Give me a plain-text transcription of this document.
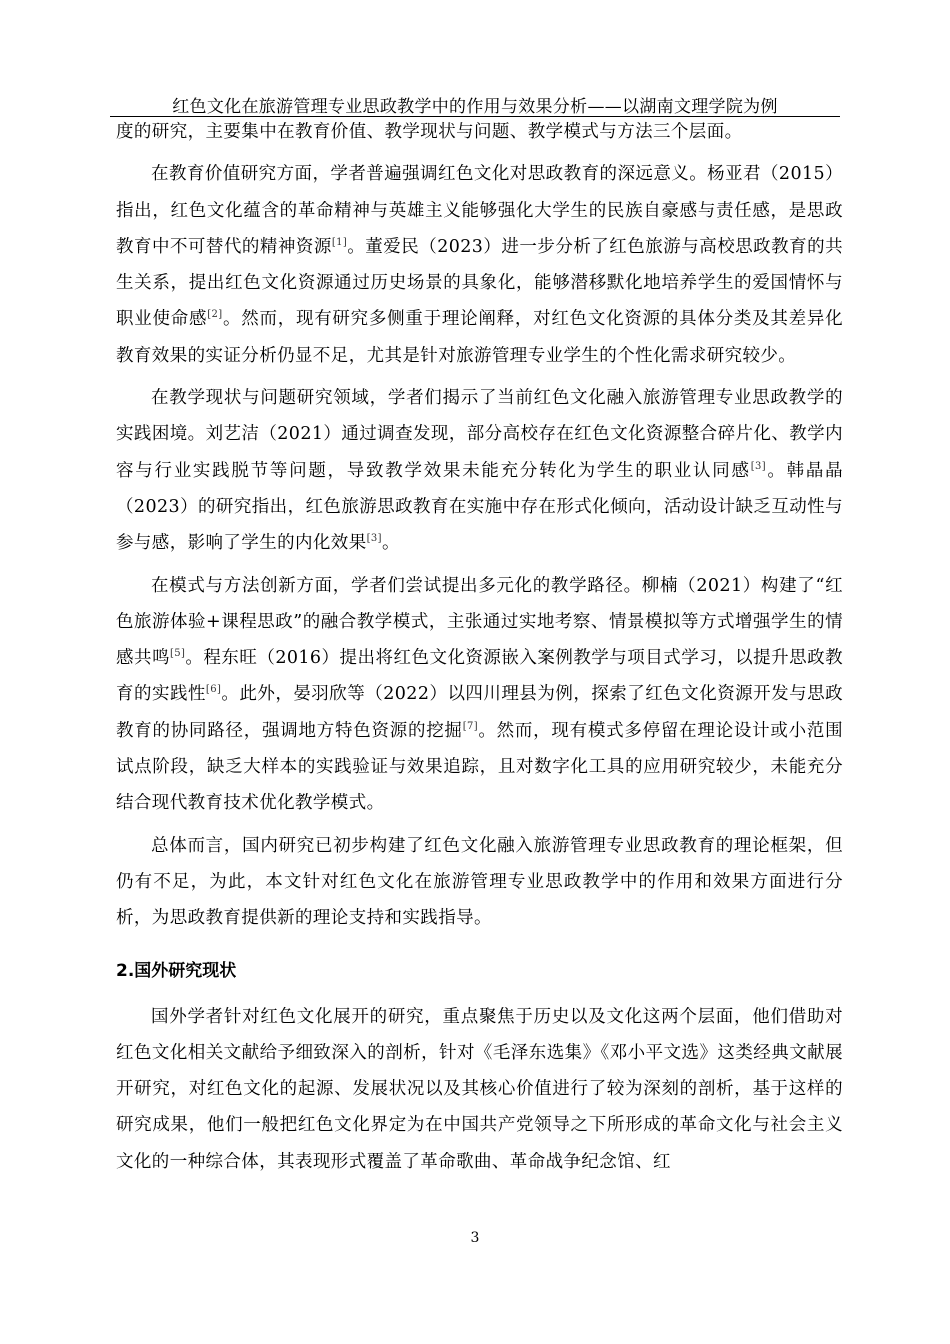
红色文化在旅游管理专业思政教学中的作用与效果分析——以湖南文理学院为例

度的研究，主要集中在教育价值、教学现状与问题、教学模式与方法三个层面。

在教育价值研究方面，学者普遍强调红色文化对思政教育的深远意义。杨亚君（2015）指出，红色文化蕴含的革命精神与英雄主义能够强化大学生的民族自豪感与责任感，是思政教育中不可替代的精神资源[1]。董爱民（2023）进一步分析了红色旅游与高校思政教育的共生关系，提出红色文化资源通过历史场景的具象化，能够潜移默化地培养学生的爱国情怀与职业使命感[2]。然而，现有研究多侧重于理论阐释，对红色文化资源的具体分类及其差异化教育效果的实证分析仍显不足，尤其是针对旅游管理专业学生的个性化需求研究较少。

在教学现状与问题研究领域，学者们揭示了当前红色文化融入旅游管理专业思政教学的实践困境。刘艺洁（2021）通过调查发现，部分高校存在红色文化资源整合碎片化、教学内容与行业实践脱节等问题，导致教学效果未能充分转化为学生的职业认同感[3]。韩晶晶（2023）的研究指出，红色旅游思政教育在实施中存在形式化倾向，活动设计缺乏互动性与参与感，影响了学生的内化效果[3]。

在模式与方法创新方面，学者们尝试提出多元化的教学路径。柳楠（2021）构建了“红色旅游体验+课程思政”的融合教学模式，主张通过实地考察、情景模拟等方式增强学生的情感共鸣[5]。程东旺（2016）提出将红色文化资源嵌入案例教学与项目式学习，以提升思政教育的实践性[6]。此外，晏羽欣等（2022）以四川理县为例，探索了红色文化资源开发与思政教育的协同路径，强调地方特色资源的挖掘[7]。然而，现有模式多停留在理论设计或小范围试点阶段，缺乏大样本的实践验证与效果追踪，且对数字化工具的应用研究较少，未能充分结合现代教育技术优化教学模式。

总体而言，国内研究已初步构建了红色文化融入旅游管理专业思政教育的理论框架，但仍有不足，为此，本文针对红色文化在旅游管理专业思政教学中的作用和效果方面进行分析，为思政教育提供新的理论支持和实践指导。

2.国外研究现状

国外学者针对红色文化展开的研究，重点聚焦于历史以及文化这两个层面，他们借助对红色文化相关文献给予细致深入的剖析，针对《毛泽东选集》《邓小平文选》这类经典文献展开研究，对红色文化的起源、发展状况以及其核心价值进行了较为深刻的剖析，基于这样的研究成果，他们一般把红色文化界定为在中国共产党领导之下所形成的革命文化与社会主义文化的一种综合体，其表现形式覆盖了革命歌曲、革命战争纪念馆、红

3
